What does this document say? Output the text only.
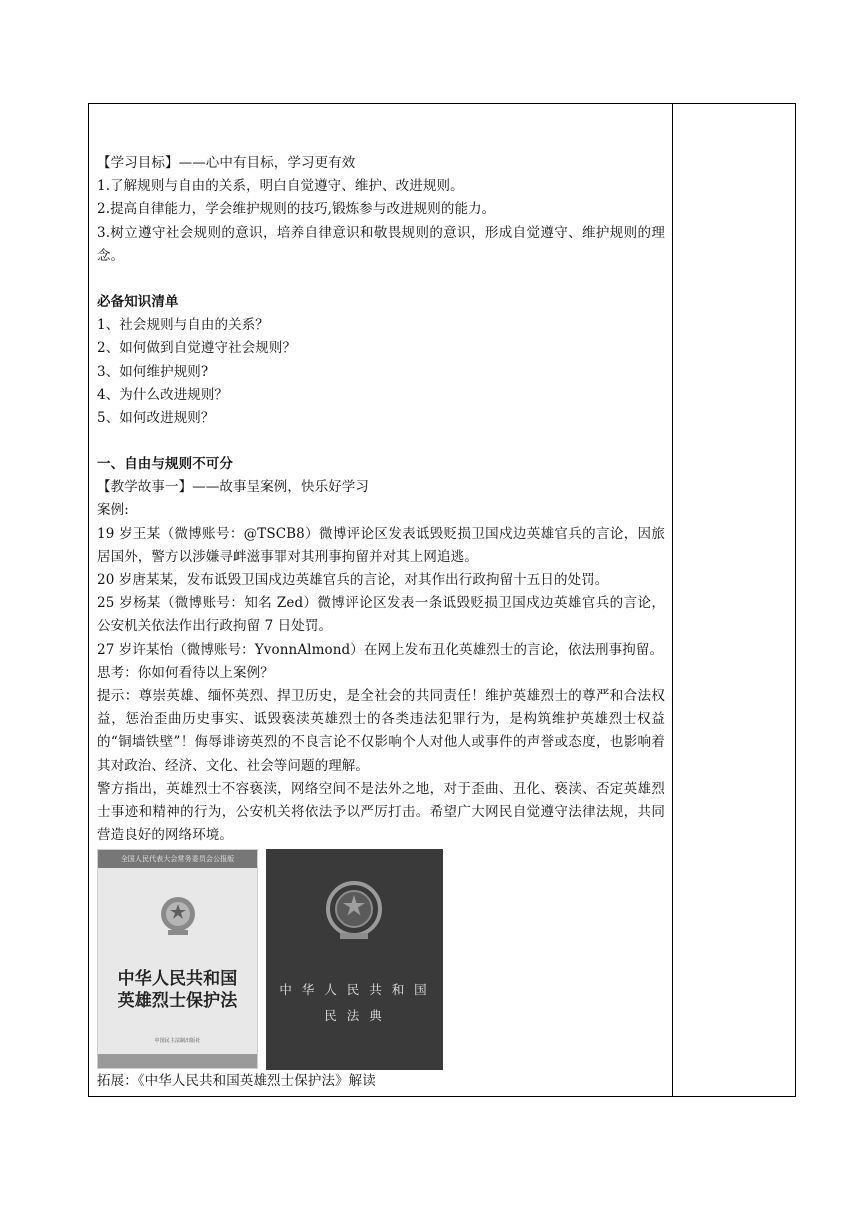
【学习目标】——心中有目标，学习更有效
1.了解规则与自由的关系，明白自觉遵守、维护、改进规则。
2.提高自律能力，学会维护规则的技巧,锻炼参与改进规则的能力。
3.树立遵守社会规则的意识，培养自律意识和敬畏规则的意识，形成自觉遵守、维护规则的理念。
必备知识清单
1、社会规则与自由的关系？
2、如何做到自觉遵守社会规则？
3、如何维护规则?
4、为什么改进规则？
5、如何改进规则？
一、自由与规则不可分
【教学故事一】——故事呈案例，快乐好学习
案例:
19 岁王某（微博账号：@TSCB8）微博评论区发表诋毁贬损卫国戍边英雄官兵的言论，因旅居国外，警方以涉嫌寻衅滋事罪对其刑事拘留并对其上网追逃。
20 岁唐某某，发布诋毁卫国戍边英雄官兵的言论，对其作出行政拘留十五日的处罚。
25 岁杨某（微博账号：知名 Zed）微博评论区发表一条诋毁贬损卫国戍边英雄官兵的言论，公安机关依法作出行政拘留 7 日处罚。
27 岁许某怡（微博账号：YvonnAlmond）在网上发布丑化英雄烈士的言论，依法刑事拘留。
思考：你如何看待以上案例？
提示：尊崇英雄、缅怀英烈、捍卫历史，是全社会的共同责任！维护英雄烈士的尊严和合法权益，惩治歪曲历史事实、诋毁亵渎英雄烈士的各类违法犯罪行为，是构筑维护英雄烈士权益的“铜墙铁壁”！侮辱诽谤英烈的不良言论不仅影响个人对他人或事件的声誉或态度，也影响着其对政治、经济、文化、社会等问题的理解。
警方指出，英雄烈士不容亵渎，网络空间不是法外之地，对于歪曲、丑化、亵渎、否定英雄烈士事迹和精神的行为，公安机关将依法予以严厉打击。希望广大网民自觉遵守法律法规，共同营造良好的网络环境。
全国人民代表大会常务委员会公报版
中华人民共和国
英雄烈士保护法
中国民主法制出版社
中 华 人 民 共 和 国
民 法 典
拓展：《中华人民共和国英雄烈士保护法》解读
